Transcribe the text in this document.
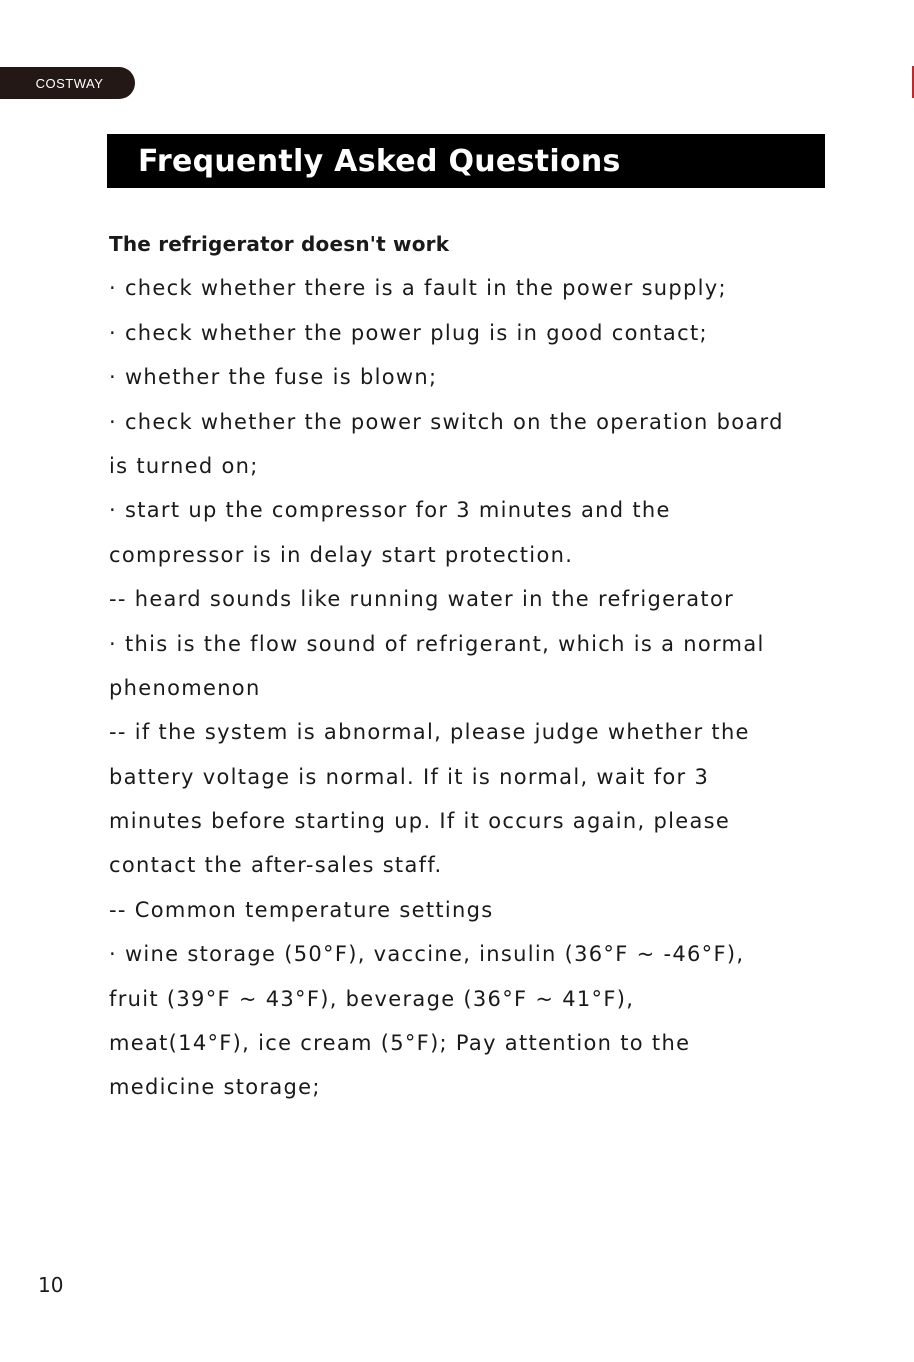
COSTWAY
Frequently Asked Questions
The refrigerator doesn't work
· check whether there is a fault in the power supply;
· check whether the power plug is in good contact;
· whether the fuse is blown;
· check whether the power switch on the operation board
is turned on;
· start up the compressor for 3 minutes and the
compressor is in delay start protection.
-- heard sounds like running water in the refrigerator
· this is the flow sound of refrigerant, which is a normal
phenomenon
-- if the system is abnormal, please judge whether the
battery voltage is normal. If it is normal, wait for 3
minutes before starting up. If it occurs again, please
contact the after-sales staff.
-- Common temperature settings
· wine storage (50°F), vaccine, insulin (36°F ~ -46°F),
fruit (39°F ~ 43°F), beverage (36°F ~ 41°F),
meat(14°F), ice cream (5°F); Pay attention to the
medicine storage;
10
